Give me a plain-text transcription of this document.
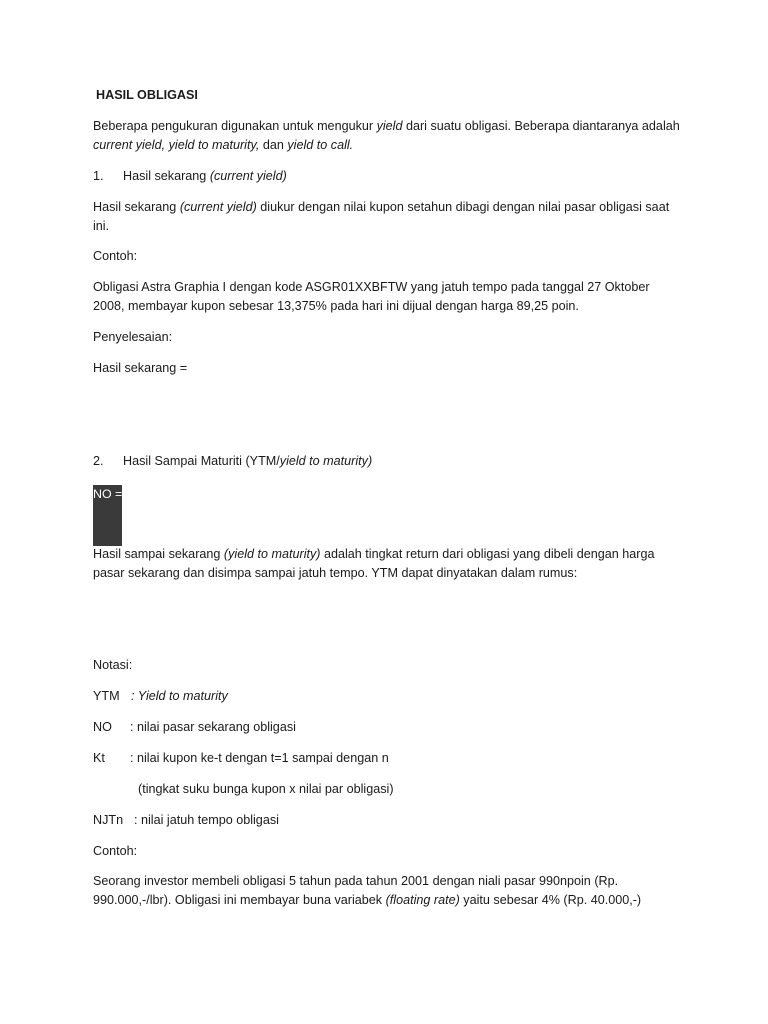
HASIL OBLIGASI

Beberapa pengukuran digunakan untuk mengukur yield dari suatu obligasi. Beberapa diantaranya adalah current yield, yield to maturity, dan yield to call.

1. Hasil sekarang (current yield)

Hasil sekarang (current yield) diukur dengan nilai kupon setahun dibagi dengan nilai pasar obligasi saat ini.

Contoh:

Obligasi Astra Graphia I dengan kode ASGR01XXBFTW yang jatuh tempo pada tanggal 27 Oktober 2008, membayar kupon sebesar 13,375% pada hari ini dijual dengan harga 89,25 poin.

Penyelesaian:

Hasil sekarang =

2. Hasil Sampai Maturiti (YTM/yield to maturity)

NO =

Hasil sampai sekarang (yield to maturity) adalah tingkat return dari obligasi yang dibeli dengan harga pasar sekarang dan disimpa sampai jatuh tempo. YTM dapat dinyatakan dalam rumus:

Notasi:

YTM : Yield to maturity

NO : nilai pasar sekarang obligasi

Kt : nilai kupon ke-t dengan t=1 sampai dengan n

(tingkat suku bunga kupon x nilai par obligasi)

NJTn : nilai jatuh tempo obligasi

Contoh:

Seorang investor membeli obligasi 5 tahun pada tahun 2001 dengan niali pasar 990npoin (Rp. 990.000,-/lbr). Obligasi ini membayar buna variabek (floating rate) yaitu sebesar 4% (Rp. 40.000,-)
